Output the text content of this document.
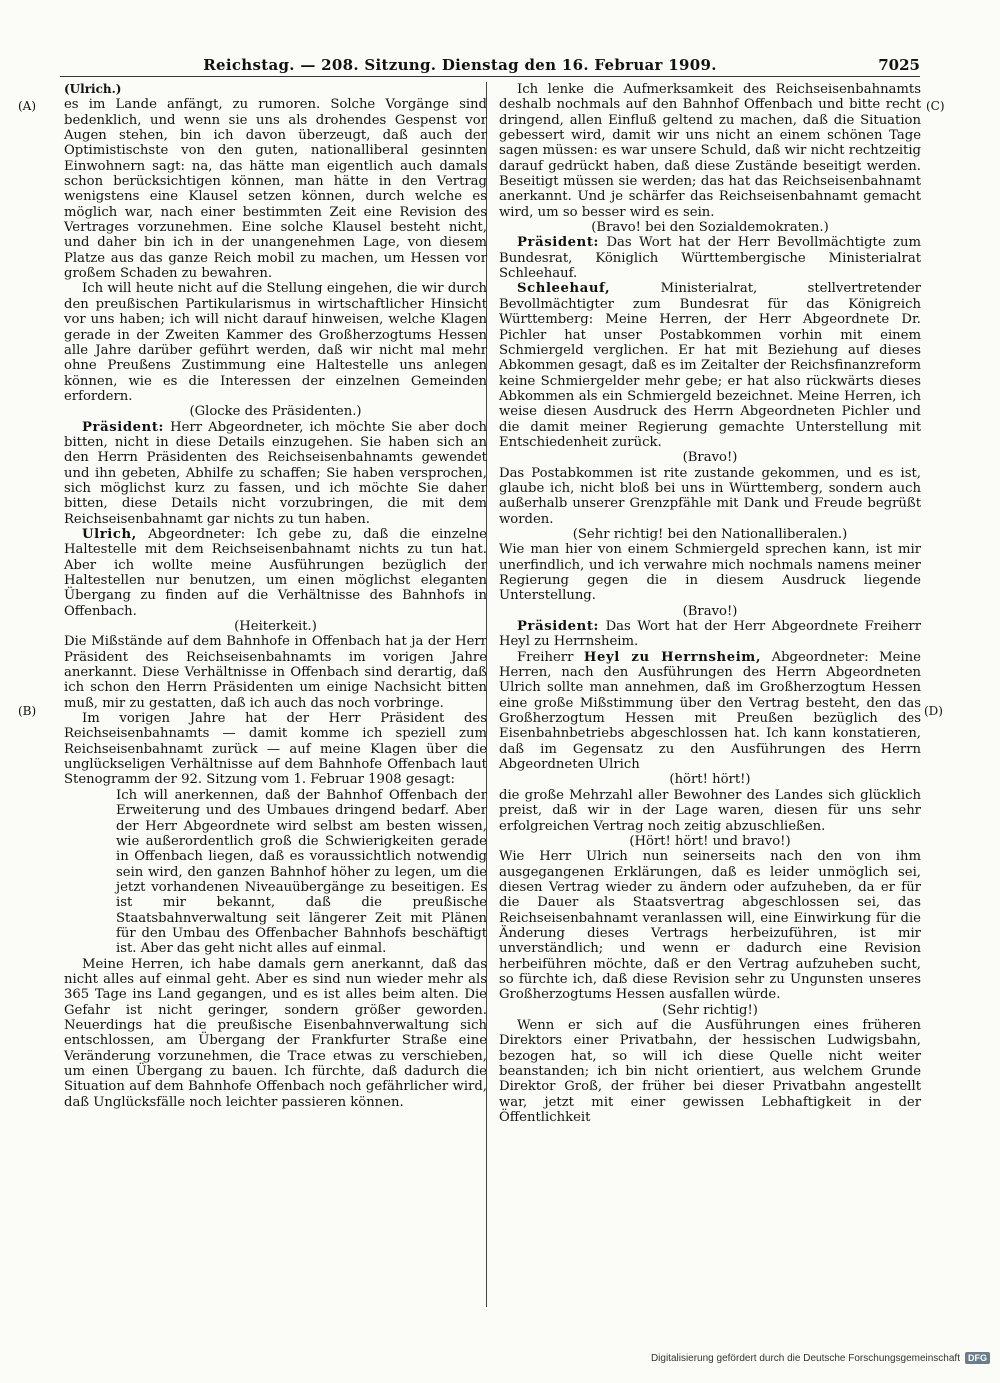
Reichstag. — 208. Sitzung. Dienstag den 16. Februar 1909.	7025
(A)
(B)
(C)
(D)

(Ulrich.)

es im Lande anfängt, zu rumoren. Solche Vorgänge sind bedenklich, und wenn sie uns als drohendes Gespenst vor Augen stehen, bin ich davon überzeugt, daß auch der Optimistischste von den guten, nationalliberal gesinnten Einwohnern sagt: na, das hätte man eigentlich auch damals schon berücksichtigen können, man hätte in den Vertrag wenigstens eine Klausel setzen können, durch welche es möglich war, nach einer bestimmten Zeit eine Revision des Vertrages vorzunehmen. Eine solche Klausel besteht nicht, und daher bin ich in der unangenehmen Lage, von diesem Platze aus das ganze Reich mobil zu machen, um Hessen vor großem Schaden zu bewahren.

Ich will heute nicht auf die Stellung eingehen, die wir durch den preußischen Partikularismus in wirtschaftlicher Hinsicht vor uns haben; ich will nicht darauf hinweisen, welche Klagen gerade in der Zweiten Kammer des Großherzogtums Hessen alle Jahre darüber geführt werden, daß wir nicht mal mehr ohne Preußens Zustimmung eine Haltestelle uns anlegen können, wie es die Interessen der einzelnen Gemeinden erfordern.

(Glocke des Präsidenten.)

Präsident: Herr Abgeordneter, ich möchte Sie aber doch bitten, nicht in diese Details einzugehen. Sie haben sich an den Herrn Präsidenten des Reichseisenbahnamts gewendet und ihn gebeten, Abhilfe zu schaffen; Sie haben versprochen, sich möglichst kurz zu fassen, und ich möchte Sie daher bitten, diese Details nicht vorzubringen, die mit dem Reichseisenbahnamt gar nichts zu tun haben.

Ulrich, Abgeordneter: Ich gebe zu, daß die einzelne Haltestelle mit dem Reichseisenbahnamt nichts zu tun hat. Aber ich wollte meine Ausführungen bezüglich der Haltestellen nur benutzen, um einen möglichst eleganten Übergang zu finden auf die Verhältnisse des Bahnhofs in Offenbach.

(Heiterkeit.)

Die Mißstände auf dem Bahnhofe in Offenbach hat ja der Herr Präsident des Reichseisenbahnamts im vorigen Jahre anerkannt. Diese Verhältnisse in Offenbach sind derartig, daß ich schon den Herrn Präsidenten um einige Nachsicht bitten muß, mir zu gestatten, daß ich auch das noch vorbringe.

Im vorigen Jahre hat der Herr Präsident des Reichseisenbahnamts — damit komme ich speziell zum Reichseisenbahnamt zurück — auf meine Klagen über die unglückseligen Verhältnisse auf dem Bahnhofe Offenbach laut Stenogramm der 92. Sitzung vom 1. Februar 1908 gesagt:

Ich will anerkennen, daß der Bahnhof Offenbach der Erweiterung und des Umbaues dringend bedarf. Aber der Herr Abgeordnete wird selbst am besten wissen, wie außerordentlich groß die Schwierigkeiten gerade in Offenbach liegen, daß es voraussichtlich notwendig sein wird, den ganzen Bahnhof höher zu legen, um die jetzt vorhandenen Niveauübergänge zu beseitigen. Es ist mir bekannt, daß die preußische Staatsbahnverwaltung seit längerer Zeit mit Plänen für den Umbau des Offenbacher Bahnhofs beschäftigt ist. Aber das geht nicht alles auf einmal.

Meine Herren, ich habe damals gern anerkannt, daß das nicht alles auf einmal geht. Aber es sind nun wieder mehr als 365 Tage ins Land gegangen, und es ist alles beim alten. Die Gefahr ist nicht geringer, sondern größer geworden. Neuerdings hat die preußische Eisenbahnverwaltung sich entschlossen, am Übergang der Frankfurter Straße eine Veränderung vorzunehmen, die Trace etwas zu verschieben, um einen Übergang zu bauen. Ich fürchte, daß dadurch die Situation auf dem Bahnhofe Offenbach noch gefährlicher wird, daß Unglücksfälle noch leichter passieren können.

Ich lenke die Aufmerksamkeit des Reichseisenbahnamts deshalb nochmals auf den Bahnhof Offenbach und bitte recht dringend, allen Einfluß geltend zu machen, daß die Situation gebessert wird, damit wir uns nicht an einem schönen Tage sagen müssen: es war unsere Schuld, daß wir nicht rechtzeitig darauf gedrückt haben, daß diese Zustände beseitigt werden. Beseitigt müssen sie werden; das hat das Reichseisenbahnamt anerkannt. Und je schärfer das Reichseisenbahnamt gemacht wird, um so besser wird es sein.

(Bravo! bei den Sozialdemokraten.)

Präsident: Das Wort hat der Herr Bevollmächtigte zum Bundesrat, Königlich Württembergische Ministerialrat Schleehauf.

Schleehauf,	Ministerialrat, stellvertretender Bevollmächtigter zum Bundesrat für das Königreich Württemberg: Meine Herren, der Herr Abgeordnete Dr. Pichler hat unser Postabkommen vorhin mit einem Schmiergeld verglichen. Er hat mit Beziehung auf dieses Abkommen gesagt, daß es im Zeitalter der Reichsfinanzreform keine Schmiergelder mehr gebe; er hat also rückwärts dieses Abkommen als ein Schmiergeld bezeichnet. Meine Herren, ich weise diesen Ausdruck des Herrn Abgeordneten Pichler und die damit meiner Regierung gemachte Unterstellung mit Entschiedenheit zurück.

(Bravo!)

Das Postabkommen ist rite zustande gekommen, und es ist, glaube ich, nicht bloß bei uns in Württemberg, sondern auch außerhalb unserer Grenzpfähle mit Dank und Freude begrüßt worden.

(Sehr richtig! bei den Nationalliberalen.)

Wie man hier von einem Schmiergeld sprechen kann, ist mir unerfindlich, und ich verwahre mich nochmals namens meiner Regierung gegen die in diesem Ausdruck liegende Unterstellung.

(Bravo!)

Präsident: Das Wort hat der Herr Abgeordnete Freiherr Heyl zu Herrnsheim.

Freiherr Heyl zu Herrnsheim, Abgeordneter: Meine Herren, nach den Ausführungen des Herrn Abgeordneten Ulrich sollte man annehmen, daß im Großherzogtum Hessen eine große Mißstimmung über den Vertrag besteht, den das Großherzogtum Hessen mit Preußen bezüglich des Eisenbahnbetriebs abgeschlossen hat. Ich kann konstatieren, daß im Gegensatz zu den Ausführungen des Herrn Abgeordneten Ulrich

(hört! hört!)

die große Mehrzahl aller Bewohner des Landes sich glücklich preist, daß wir in der Lage waren, diesen für uns sehr erfolgreichen Vertrag noch zeitig abzuschließen.

(Hört! hört! und bravo!)

Wie Herr Ulrich nun seinerseits nach den von ihm ausgegangenen Erklärungen, daß es leider unmöglich sei, diesen Vertrag wieder zu ändern oder aufzuheben, da er für die Dauer als Staatsvertrag abgeschlossen sei, das Reichseisenbahnamt veranlassen will, eine Einwirkung für die Änderung dieses Vertrags herbeizuführen, ist mir unverständlich; und wenn er dadurch eine Revision herbeiführen möchte, daß er den Vertrag aufzuheben sucht, so fürchte ich, daß diese Revision sehr zu Ungunsten unseres Großherzogtums Hessen ausfallen würde.

(Sehr richtig!)

Wenn er sich auf die Ausführungen eines früheren Direktors einer Privatbahn, der hessischen Ludwigsbahn, bezogen hat, so will ich diese Quelle nicht weiter beanstanden; ich bin nicht orientiert, aus welchem Grunde Direktor Groß, der früher bei dieser Privatbahn angestellt war, jetzt mit einer gewissen Lebhaftigkeit in der Öffentlichkeit

Digitalisierung gefördert durch die Deutsche Forschungsgemeinschaft DFG
